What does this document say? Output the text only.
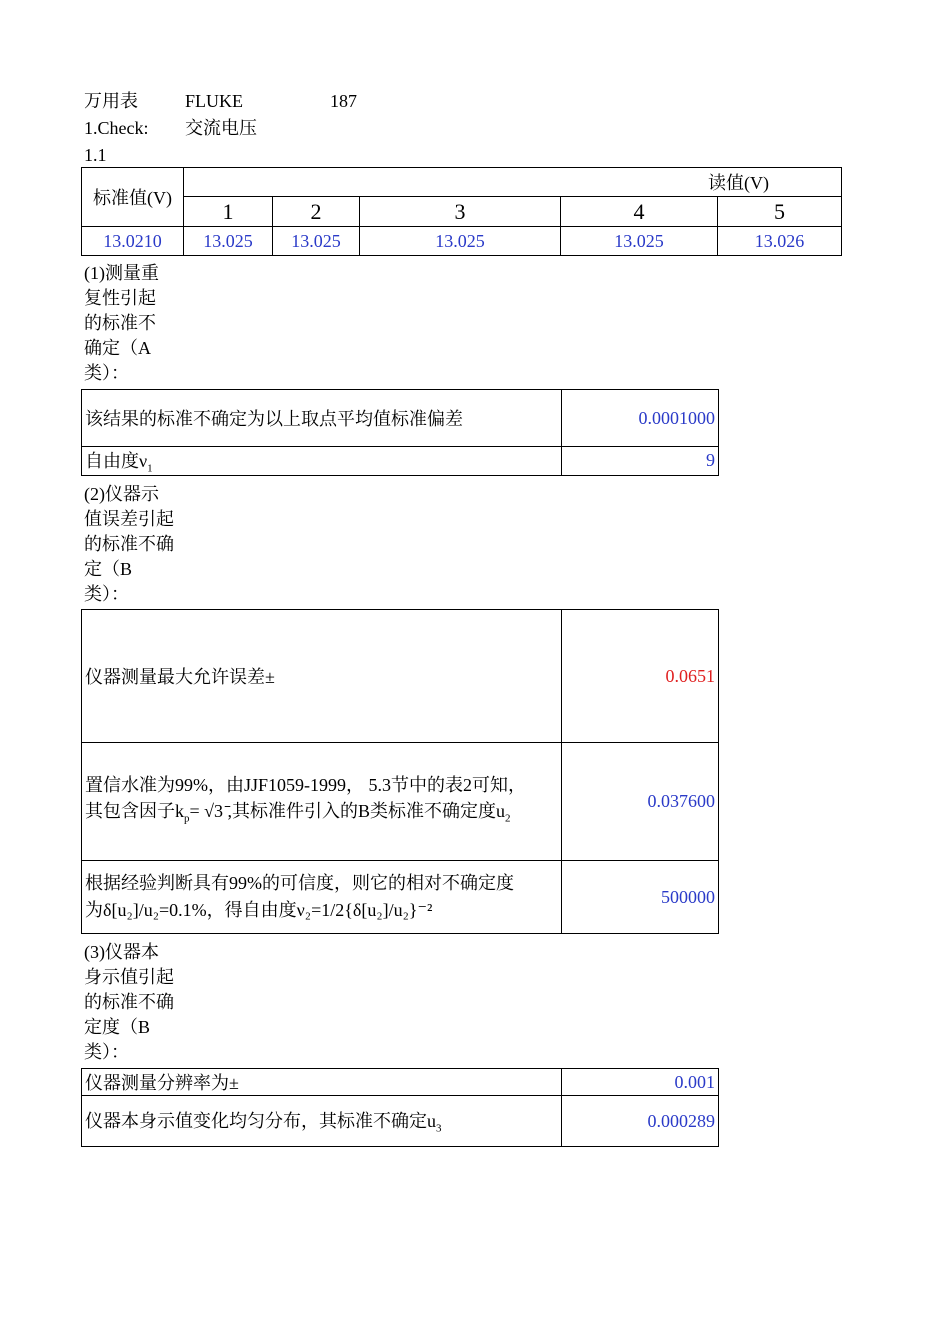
万用表	FLUKE	187
1.Check: 交流电压
1.1
标准值(V)	读值(V)				
	1	2	3	4	5
13.0210	13.025	13.025	13.025	13.025	13.026
(1)测量重复性引起的标准不确定（A类）：
该结果的标准不确定为以上取点平均值标准偏差	0.0001000
自由度$\nu_1$	9
(2)仪器示值误差引起的标准不确定（B类）：
仪器测量最大允许误差±	0.0651

置信水准为99%，由JJF1059-1999， 5.3节中的表2可知，
其包含因子$k_p= √3$ ̄,其标准件引入的B类标准不确定度$u_2$	0.037600

根据经验判断具有99%的可信度，则它的相对不确定度
为δ[u₂]/u₂=0.1%，得自由度ν₂=1/2{δ[u₂]/u₂}⁻²	500000
(3)仪器本身示值引起的标准不确定度（B类）：
仪器测量分辨率为±	0.001
仪器本身示值变化均匀分布，其标准不确定$u_3$	0.000289
